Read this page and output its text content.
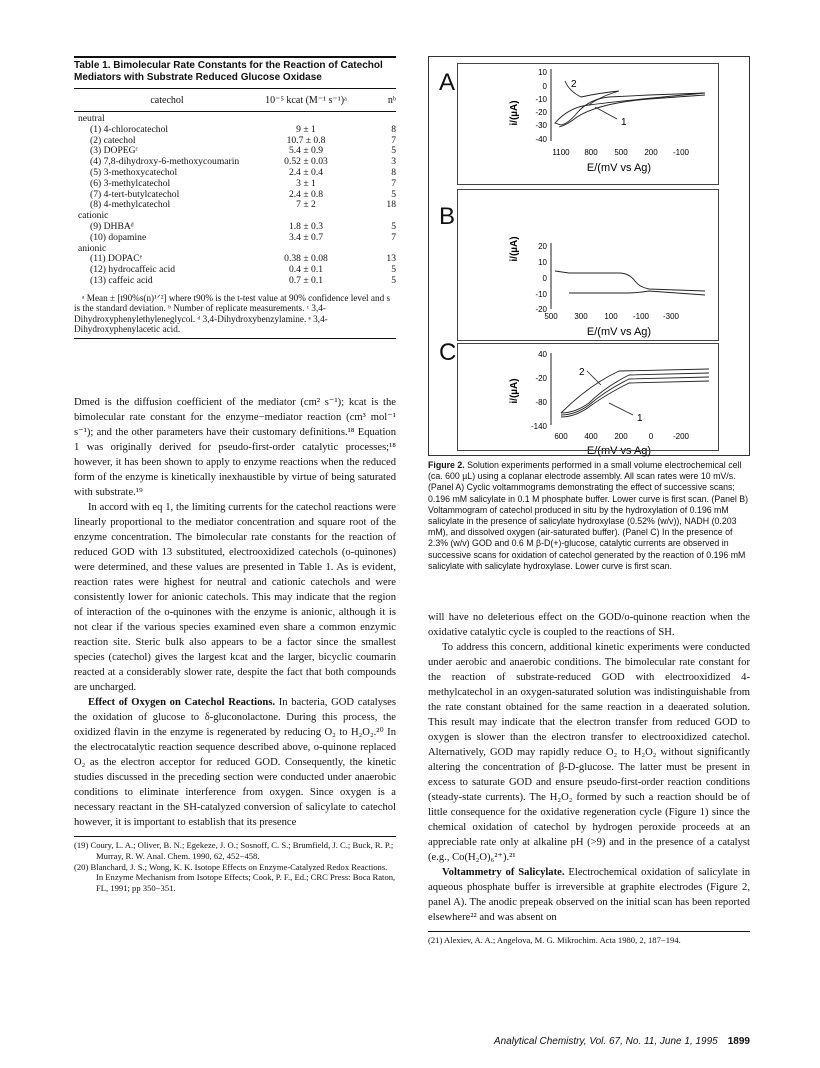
Table 1. Bimolecular Rate Constants for the Reaction of Catechol Mediators with Substrate Reduced Glucose Oxidase
catechol	10⁻⁵ kcat (M⁻¹ s⁻¹)ᵃ	nᵇ
neutral
(1) 4-chlorocatechol	9 ± 1	8
(2) catechol	10.7 ± 0.8	7
(3) DOPEGᶜ	5.4 ± 0.9	5
(4) 7,8-dihydroxy-6-methoxycoumarin	0.52 ± 0.03	3
(5) 3-methoxycatechol	2.4 ± 0.4	8
(6) 3-methylcatechol	3 ± 1	7
(7) 4-tert-butylcatechol	2.4 ± 0.8	5
(8) 4-methylcatechol	7 ± 2	18
cationic
(9) DHBAᵈ	1.8 ± 0.3	5
(10) dopamine	3.4 ± 0.7	7
anionic
(11) DOPACᵉ	0.38 ± 0.08	13
(12) hydrocaffeic acid	0.4 ± 0.1	5
(13) caffeic acid	0.7 ± 0.1	5
ᵃ Mean ± [t90%s(n)¹ᐟ²] where t90% is the t-test value at 90% confidence level and s is the standard deviation. ᵇ Number of replicate measurements. ᶜ 3,4-Dihydroxyphenylethyleneglycol. ᵈ 3,4-Dihydroxybenzylamine. ᵉ 3,4-Dihydroxyphenylacetic acid.

Dmed is the diffusion coefficient of the mediator (cm² s⁻¹); kcat is the bimolecular rate constant for the enzyme−mediator reaction (cm³ mol⁻¹ s⁻¹); and the other parameters have their customary definitions.¹⁸ Equation 1 was originally derived for pseudo-first-order catalytic processes;¹⁸ however, it has been shown to apply to enzyme reactions when the reduced form of the enzyme is kinetically inexhaustible by virtue of being saturated with substrate.¹⁹

In accord with eq 1, the limiting currents for the catechol reactions were linearly proportional to the mediator concentration and square root of the enzyme concentration. The bimolecular rate constants for the reaction of reduced GOD with 13 substituted, electrooxidized catechols (o-quinones) were determined, and these values are presented in Table 1. As is evident, reaction rates were highest for neutral and cationic catechols and were consistently lower for anionic catechols. This may indicate that the region of interaction of the o-quinones with the enzyme is anionic, although it is not clear if the various species examined even share a common enzymic reaction site. Steric bulk also appears to be a factor since the smallest species (catechol) gives the largest kcat and the larger, bicyclic coumarin reacted at a considerably slower rate, despite the fact that both compounds are uncharged.

Effect of Oxygen on Catechol Reactions. In bacteria, GOD catalyses the oxidation of glucose to δ-gluconolactone. During this process, the oxidized flavin in the enzyme is regenerated by reducing O₂ to H₂O₂.²⁰ In the electrocatalytic reaction sequence described above, o-quinone replaced O₂ as the electron acceptor for reduced GOD. Consequently, the kinetic studies discussed in the preceding section were conducted under anaerobic conditions to eliminate interference from oxygen. Since oxygen is a necessary reactant in the SH-catalyzed conversion of salicylate to catechol however, it is important to establish that its presence

(19) Coury, L. A.; Oliver, B. N.; Egekeze, J. O.; Sosnoff, C. S.; Brumfield, J. C.; Buck, R. P.; Murray, R. W. Anal. Chem. 1990, 62, 452−458.
(20) Blanchard, J. S.; Wong, K. K. Isotope Effects on Enzyme-Catalyzed Redox Reactions. In Enzyme Mechanism from Isotope Effects; Cook, P. F., Ed.; CRC Press: Boca Raton, FL, 1991; pp 350−351.
A
i/(µA)
10
0
-10
-20
-30
-40
2
1
1100 800 500 200 -100
E/(mV vs Ag)
B
i/(µA) 20
10
0
-10
-20
500 300 100 -100 -300
E/(mV vs Ag)
C
i/(µA)
40
-20
-80
-140
2
1
600 400 200	0 -200
E/(mV vs Ag)
Figure 2. Solution experiments performed in a small volume electrochemical cell (ca. 600 µL) using a coplanar electrode assembly. All scan rates were 10 mV/s. (Panel A) Cyclic voltammograms demonstrating the effect of successive scans; 0.196 mM salicylate in 0.1 M phosphate buffer. Lower curve is first scan. (Panel B) Voltammogram of catechol produced in situ by the hydroxylation of 0.196 mM salicylate in the presence of salicylate hydroxylase (0.52% (w/v)), NADH (0.203 mM), and dissolved oxygen (air-saturated buffer). (Panel C) In the presence of 2.3% (w/v) GOD and 0.6 M β-D(+)-glucose, catalytic currents are observed in successive scans for oxidation of catechol generated by the reaction of 0.196 mM salicylate with salicylate hydroxylase. Lower curve is first scan.

will have no deleterious effect on the GOD/o-quinone reaction when the oxidative catalytic cycle is coupled to the reactions of SH.

To address this concern, additional kinetic experiments were conducted under aerobic and anaerobic conditions. The bimolecular rate constant for the reaction of substrate-reduced GOD with electrooxidized 4-methylcatechol in an oxygen-saturated solution was indistinguishable from the rate constant obtained for the same reaction in a deaerated solution. This result may indicate that the electron transfer from reduced GOD to oxygen is slower than the electron transfer to electrooxidized catechol. Alternatively, GOD may rapidly reduce O₂ to H₂O₂ without significantly altering the concentration of β-D-glucose. The latter must be present in excess to saturate GOD and ensure pseudo-first-order reaction conditions (steady-state currents). The H₂O₂ formed by such a reaction should be of little consequence for the oxidative regeneration cycle (Figure 1) since the chemical oxidation of catechol by hydrogen peroxide proceeds at an appreciable rate only at alkaline pH (>9) and in the presence of a catalyst (e.g., Co(H₂O)₆²⁺).²¹

Voltammetry of Salicylate. Electrochemical oxidation of salicylate in aqueous phosphate buffer is irreversible at graphite electrodes (Figure 2, panel A). The anodic prepeak observed on the initial scan has been reported elsewhere²² and was absent on

(21) Alexiev, A. A.; Angelova, M. G. Mikrochim. Acta 1980, 2, 187−194.
Analytical Chemistry, Vol. 67, No. 11, June 1, 1995 1899
